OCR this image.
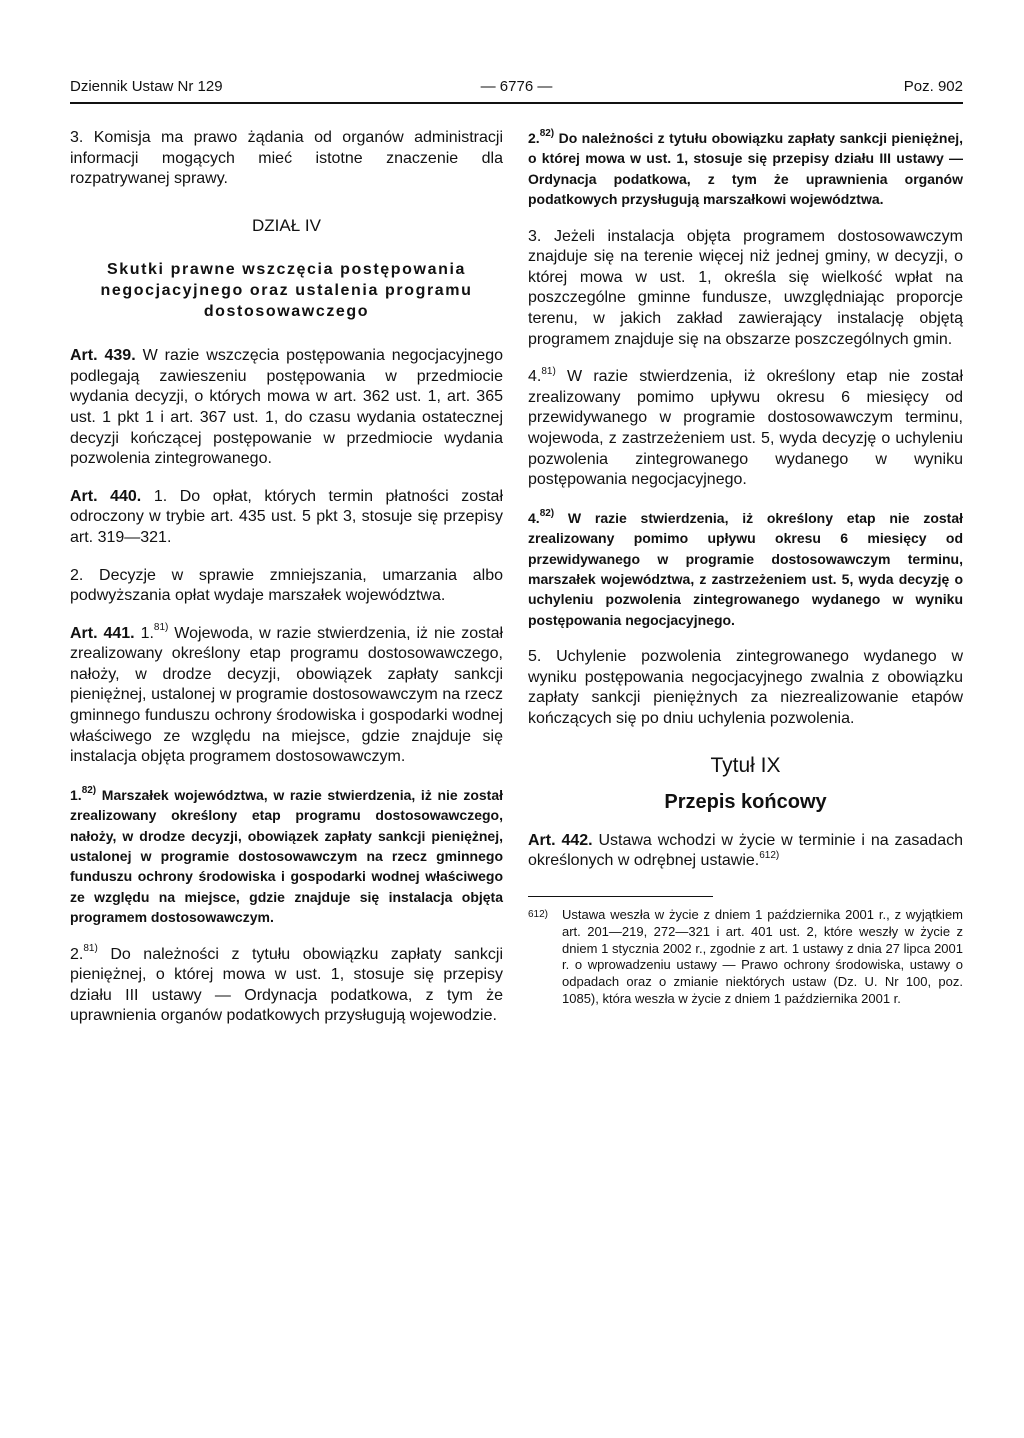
Dziennik Ustaw Nr 129	— 6776 —	Poz. 902

3. Komisja ma prawo żądania od organów administracji informacji mogących mieć istotne znaczenie dla rozpatrywanej sprawy.

DZIAŁ IV
Skutki prawne wszczęcia postępowania negocjacyjnego oraz ustalenia programu dostosowawczego

Art. 439. W razie wszczęcia postępowania negocjacyjnego podlegają zawieszeniu postępowania w przedmiocie wydania decyzji, o których mowa w art. 362 ust. 1, art. 365 ust. 1 pkt 1 i art. 367 ust. 1, do czasu wydania ostatecznej decyzji kończącej postępowanie w przedmiocie wydania pozwolenia zintegrowanego.

Art. 440. 1. Do opłat, których termin płatności został odroczony w trybie art. 435 ust. 5 pkt 3, stosuje się przepisy art. 319—321.

2. Decyzje w sprawie zmniejszania, umarzania albo podwyższania opłat wydaje marszałek województwa.

Art. 441. 1.$^{81)}$ Wojewoda, w razie stwierdzenia, iż nie został zrealizowany określony etap programu dostosowawczego, nałoży, w drodze decyzji, obowiązek zapłaty sankcji pieniężnej, ustalonej w programie dostosowawczym na rzecz gminnego funduszu ochrony środowiska i gospodarki wodnej właściwego ze względu na miejsce, gdzie znajduje się instalacja objęta programem dostosowawczym.

1.$^{82)}$ Marszałek województwa, w razie stwierdzenia, iż nie został zrealizowany określony etap programu dostosowawczego, nałoży, w drodze decyzji, obowiązek zapłaty sankcji pieniężnej, ustalonej w programie dostosowawczym na rzecz gminnego funduszu ochrony środowiska i gospodarki wodnej właściwego ze względu na miejsce, gdzie znajduje się instalacja objęta programem dostosowawczym.

2.$^{81)}$ Do należności z tytułu obowiązku zapłaty sankcji pieniężnej, o której mowa w ust. 1, stosuje się przepisy działu III ustawy — Ordynacja podatkowa, z tym że uprawnienia organów podatkowych przysługują wojewodzie.

2.$^{82)}$ Do należności z tytułu obowiązku zapłaty sankcji pieniężnej, o której mowa w ust. 1, stosuje się przepisy działu III ustawy — Ordynacja podatkowa, z tym że uprawnienia organów podatkowych przysługują marszałkowi województwa.

3. Jeżeli instalacja objęta programem dostosowawczym znajduje się na terenie więcej niż jednej gminy, w decyzji, o której mowa w ust. 1, określa się wielkość wpłat na poszczególne gminne fundusze, uwzględniając proporcje terenu, w jakich zakład zawierający instalację objętą programem znajduje się na obszarze poszczególnych gmin.

4.$^{81)}$ W razie stwierdzenia, iż określony etap nie został zrealizowany pomimo upływu okresu 6 miesięcy od przewidywanego w programie dostosowawczym terminu, wojewoda, z zastrzeżeniem ust. 5, wyda decyzję o uchyleniu pozwolenia zintegrowanego wydanego w wyniku postępowania negocjacyjnego.

4.$^{82)}$ W razie stwierdzenia, iż określony etap nie został zrealizowany pomimo upływu okresu 6 miesięcy od przewidywanego w programie dostosowawczym terminu, marszałek województwa, z zastrzeżeniem ust. 5, wyda decyzję o uchyleniu pozwolenia zintegrowanego wydanego w wyniku postępowania negocjacyjnego.

5. Uchylenie pozwolenia zintegrowanego wydanego w wyniku postępowania negocjacyjnego zwalnia z obowiązku zapłaty sankcji pieniężnych za niezrealizowanie etapów kończących się po dniu uchylenia pozwolenia.

Tytuł IX
Przepis końcowy

Art. 442. Ustawa wchodzi w życie w terminie i na zasadach określonych w odrębnej ustawie.$^{612)}$

612)	Ustawa weszła w życie z dniem 1 października 2001 r., z wyjątkiem art. 201—219, 272—321 i art. 401 ust. 2, które weszły w życie z dniem 1 stycznia 2002 r., zgodnie z art. 1 ustawy z dnia 27 lipca 2001 r. o wprowadzeniu ustawy — Prawo ochrony środowiska, ustawy o odpadach oraz o zmianie niektórych ustaw (Dz. U. Nr 100, poz. 1085), która weszła w życie z dniem 1 października 2001 r.
